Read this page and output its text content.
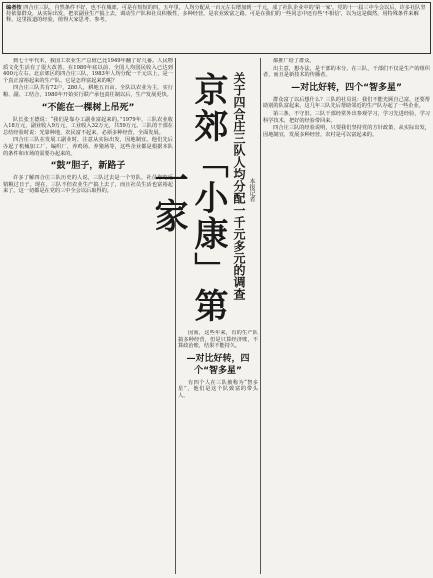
编者按 四合庄三队，自然条件不好，也不在城郊，可是在短短的四、五年里，人均分配从一百元左右增加到一千元，成了社队企业中的'第一家'。党的十一届三中全会以后，许多社队坚持依靠群众，从实际出发，把农副业生产搞上去，调动生产队和社员积极性，多种经营，是农业致富之路。可是在我们的一些同志中还有些'不相信'，以为这是偶然，用特殊条件来解释。这里报道的经验，值得大家思考、参考。

到七十年代末，我国工农业生产总值已比1949年翻了好几番。人民物质文化生活有了很大改善。在1980年底以前，全国人均国民收入已达到400元左右。北京郊区的四合庄三队，1983年人均分配一千元以上，是一个真正富裕起来的生产队。它是怎样富起来的呢？

四合庄三队共有72户，280人，耕地五百亩。全队以农业为主，实行粮、副、工结合，1980年开始实行联产承包责任制以后，生产发展更快。

“不能在一棵树上吊死”

队长张玉德说：“我们是靠办工副业富起来的。”1979年，三队农业收入18万元，副业收入9万元，工业收入32万元，共59万元。三队的干部在总结经验时说：光靠种地，农民富不起来，必须多种经营，全面发展。

四合庄三队在发展工副业时，注意从实际出发，因地制宜。他们先后办起了机械加工厂、编织厂、养鸡场、养猪场等，这些企业都是根据本队的条件和市场的需要办起来的。

“鼓”胆子，新路子

许多了解四合庄三队历史的人说，三队过去是一个穷队，社员靠吃返销粮过日子。现在，三队不但农业生产搞上去了，而且社员生活也富裕起来了。这一切都是在党的三中全会以后取得的。	京郊「小康」第一家	关于四合庄三队人均分配一千元多元的调查 本报记者

因而，这些年来，有的生产队搞多种经营，但是只算经济账，不算政治账，结果不能持久。

—对比好转，四个“智多星”

有四个人在三队被称为“智多星”，他们是这个队致富的带头人。

都推广给了群众。

出主意，想办法，是干部的本分。在三队，干部们不仅是生产的组织者，而且是新技术的传播者。

—对比好转，四个“智多星”

群众富了以后想什么？三队的社员说：我们不能光顾自己富，还要帮助别的队富起来。这几年三队先后帮助邻近的生产队办起了一些企业。

第三条，不守旧。三队干部经常外出参观学习，学习先进经验，学习科学技术，把好的经验带回来。

四合庄三队的经验说明，只要我们坚持党的方针政策，从实际出发，因地制宜，发展多种经营，农村是可以富起来的。
